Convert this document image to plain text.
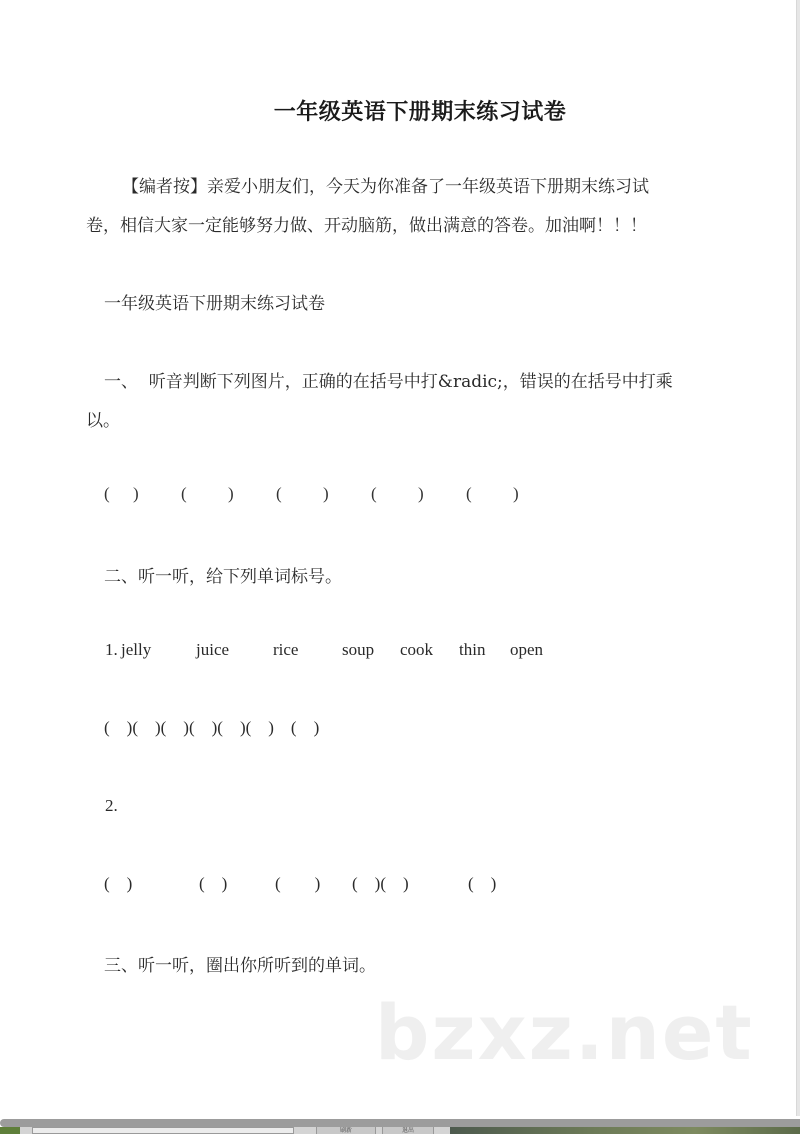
一年级英语下册期末练习试卷
【编者按】亲爱小朋友们，今天为你准备了一年级英语下册期末练习试
卷，相信大家一定能够努力做、开动脑筋，做出满意的答卷。加油啊！！！
一年级英语下册期末练习试卷
一、  听音判断下列图片，正确的在括号中打&radic;，错误的在括号中打乘
以。
( ) ( ) ( ) ( ) ( )
二、听一听，给下列单词标号。
1. jelly	juice	rice	soup cook thin open
(    )(    )(    )(    )(    )(    )    (    )
2.
(    )	(    )	(        ) (    )(    )	(    )
三、听一听，圈出你所听到的单词。
bzxz.net
刷新	退出
